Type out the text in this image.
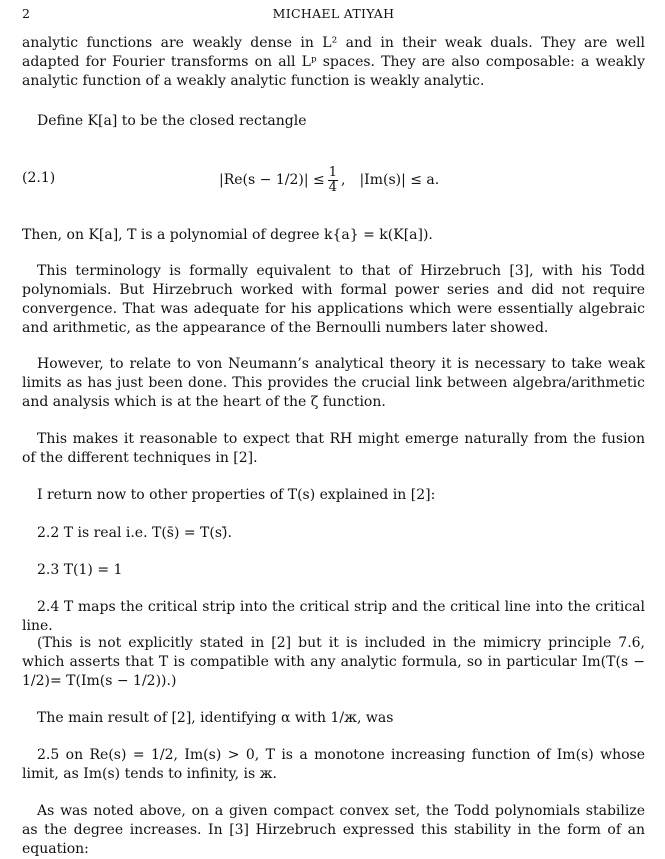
2	MICHAEL ATIYAH
analytic functions are weakly dense in L² and in their weak duals. They are well adapted for Fourier transforms on all Lᵖ spaces. They are also composable: a weakly analytic function of a weakly analytic function is weakly analytic.
Define K[a] to be the closed rectangle
(2.1)	$|Re(s - 1/2)| \le \frac{1}{4}$ , |Im(s)| ≤ a.
Then, on K[a], T is a polynomial of degree k{a} = k(K[a]).
This terminology is formally equivalent to that of Hirzebruch [3], with his Todd polynomials. But Hirzebruch worked with formal power series and did not require convergence. That was adequate for his applications which were essentially algebraic and arithmetic, as the appearance of the Bernoulli numbers later showed.
However, to relate to von Neumann’s analytical theory it is necessary to take weak limits as has just been done. This provides the crucial link between algebra/arithmetic and analysis which is at the heart of the ζ function.
This makes it reasonable to expect that RH might emerge naturally from the fusion of the different techniques in [2].
I return now to other properties of T(s) explained in [2]:
2.2 T is real i.e. T(s̄) = T(s)̄.
2.3 T(1) = 1
2.4 T maps the critical strip into the critical strip and the critical line into the critical line.
(This is not explicitly stated in [2] but it is included in the mimicry principle 7.6, which asserts that T is compatible with any analytic formula, so in particular Im(T(s − 1/2)= T(Im(s − 1/2)).)
The main result of [2], identifying α with 1/ж, was
2.5 on Re(s) = 1/2, Im(s) > 0, T is a monotone increasing function of Im(s) whose limit, as Im(s) tends to infinity, is ж.
As was noted above, on a given compact convex set, the Todd polynomials stabilize as the degree increases. In [3] Hirzebruch expressed this stability in the form of an equation:
